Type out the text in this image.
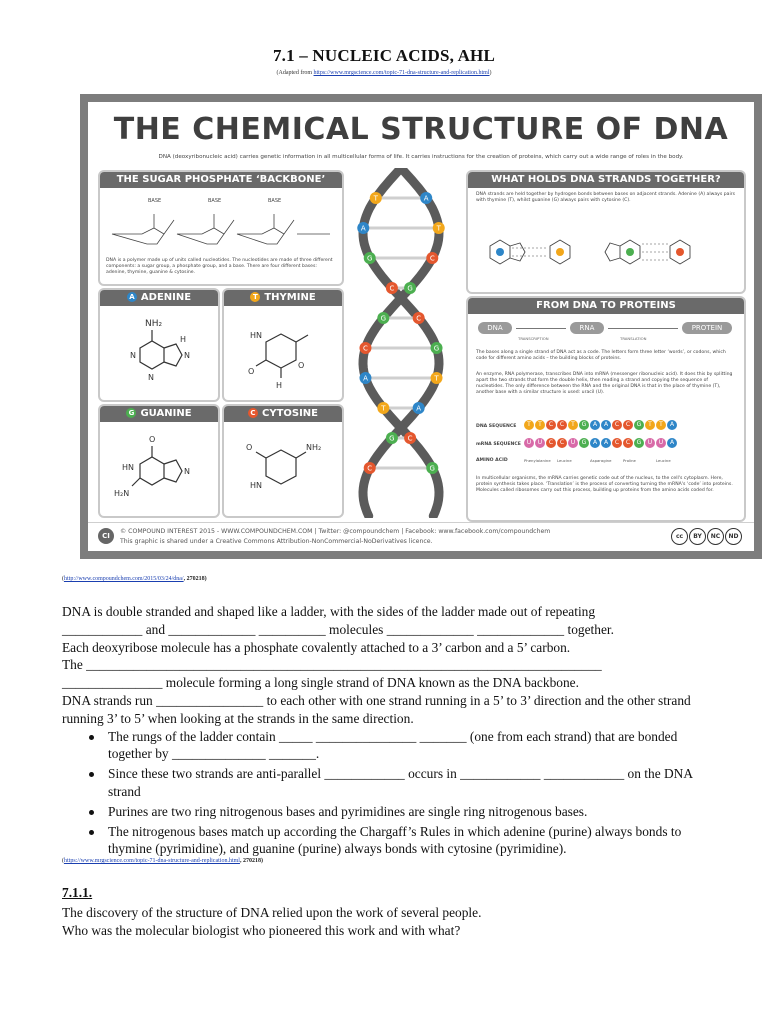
7.1 – NUCLEIC ACIDS, AHL
(Adapted from https://www.mrgscience.com/topic-71-dna-structure-and-replication.html)
THE CHEMICAL STRUCTURE OF DNA
DNA (deoxyribonucleic acid) carries genetic information in all multicellular forms of life. It carries instructions for the creation of proteins, which carry out a wide range of roles in the body.
THE SUGAR PHOSPHATE ‘BACKBONE’
BASE	BASE	BASE
DNA is a polymer made up of units called nucleotides. The nucleotides are made of three different components: a sugar group, a phosphate group, and a base. There are four different bases: adenine, thymine, guanine & cytosine.
A ADENINE
NH₂
N
N
H
N
T THYMINE
HN
O
H
O
G GUANINE
O
HN
H₂N
N
C CYTOSINE
O	NH₂
HN
A
T
T
A
C
G
G
C
G	C
C	G
A	T
T	A
C
G
G
C
WHAT HOLDS DNA STRANDS TOGETHER?
DNA strands are held together by hydrogen bonds between bases on adjacent strands. Adenine (A) always pairs with thymine (T), whilst guanine (G) always pairs with cytosine (C).
FROM DNA TO PROTEINS
DNA	RNA	PROTEIN
TRANSCRIPTION	TRANSLATION
The bases along a single strand of DNA act as a code. The letters form three letter ‘words’, or codons, which code for different amino acids – the building blocks of proteins.
An enzyme, RNA polymerase, transcribes DNA into mRNA (messenger ribonucleic acid). It does this by splitting apart the two strands that form the double helix, then reading a strand and copying the sequence of nucleotides. The only difference between the RNA and the original DNA is that in the place of thymine (T), another base with a similar structure is used: uracil (U).
DNA SEQUENCE	T	T	C	C	T	G	A	A	C	C	G	T	T	A
mRNA SEQUENCE U	U	C	C	U	G	A	A	C	C	G	U	U	A
AMINO ACID	Phenylalanine Leucine	Asparagine	Proline	Leucine
In multicellular organisms, the mRNA carries genetic code out of the nucleus, to the cell's cytoplasm. Here, protein synthesis takes place. ‘Translation’ is the process of converting turning the mRNA's ‘code’ into proteins. Molecules called ribosomes carry out this process, building up proteins from the amino acids coded for.
CI
© COMPOUND INTEREST 2015 - WWW.COMPOUNDCHEM.COM | Twitter: @compoundchem | Facebook: www.facebook.com/compoundchem
This graphic is shared under a Creative Commons Attribution-NonCommercial-NoDerivatives licence.
cc BY NC ND
(http://www.compoundchem.com/2015/03/24/dna/, 270218)

DNA is double stranded and shaped like a ladder, with the sides of the ladder made out of repeating

____________ and _____________ __________ molecules _____________ _____________ together.

Each deoxyribose molecule has a phosphate covalently attached to a 3’ carbon and a 5’ carbon.

The _____________________________________________________________________________

_______________ molecule forming a long single strand of DNA known as the DNA backbone.

DNA strands run ________________ to each other with one strand running in a 5’ to 3’ direction and the other strand running 3’ to 5’ when looking at the strands in the same direction.

The rungs of the ladder contain _____ _______________ _______ (one from each strand) that are bonded together by ______________ _______.
Since these two strands are anti-parallel ____________ occurs in ____________ ____________ on the DNA strand
Purines are two ring nitrogenous bases and pyrimidines are single ring nitrogenous bases.
The nitrogenous bases match up according the Chargaff’s Rules in which adenine (purine) always bonds to thymine (pyrimidine), and guanine (purine) always bonds with cytosine (pyrimidine).
(https://www.mrgscience.com/topic-71-dna-structure-and-replication.html, 270218)
7.1.1.
The discovery of the structure of DNA relied upon the work of several people.
Who was the molecular biologist who pioneered this work and with what?
